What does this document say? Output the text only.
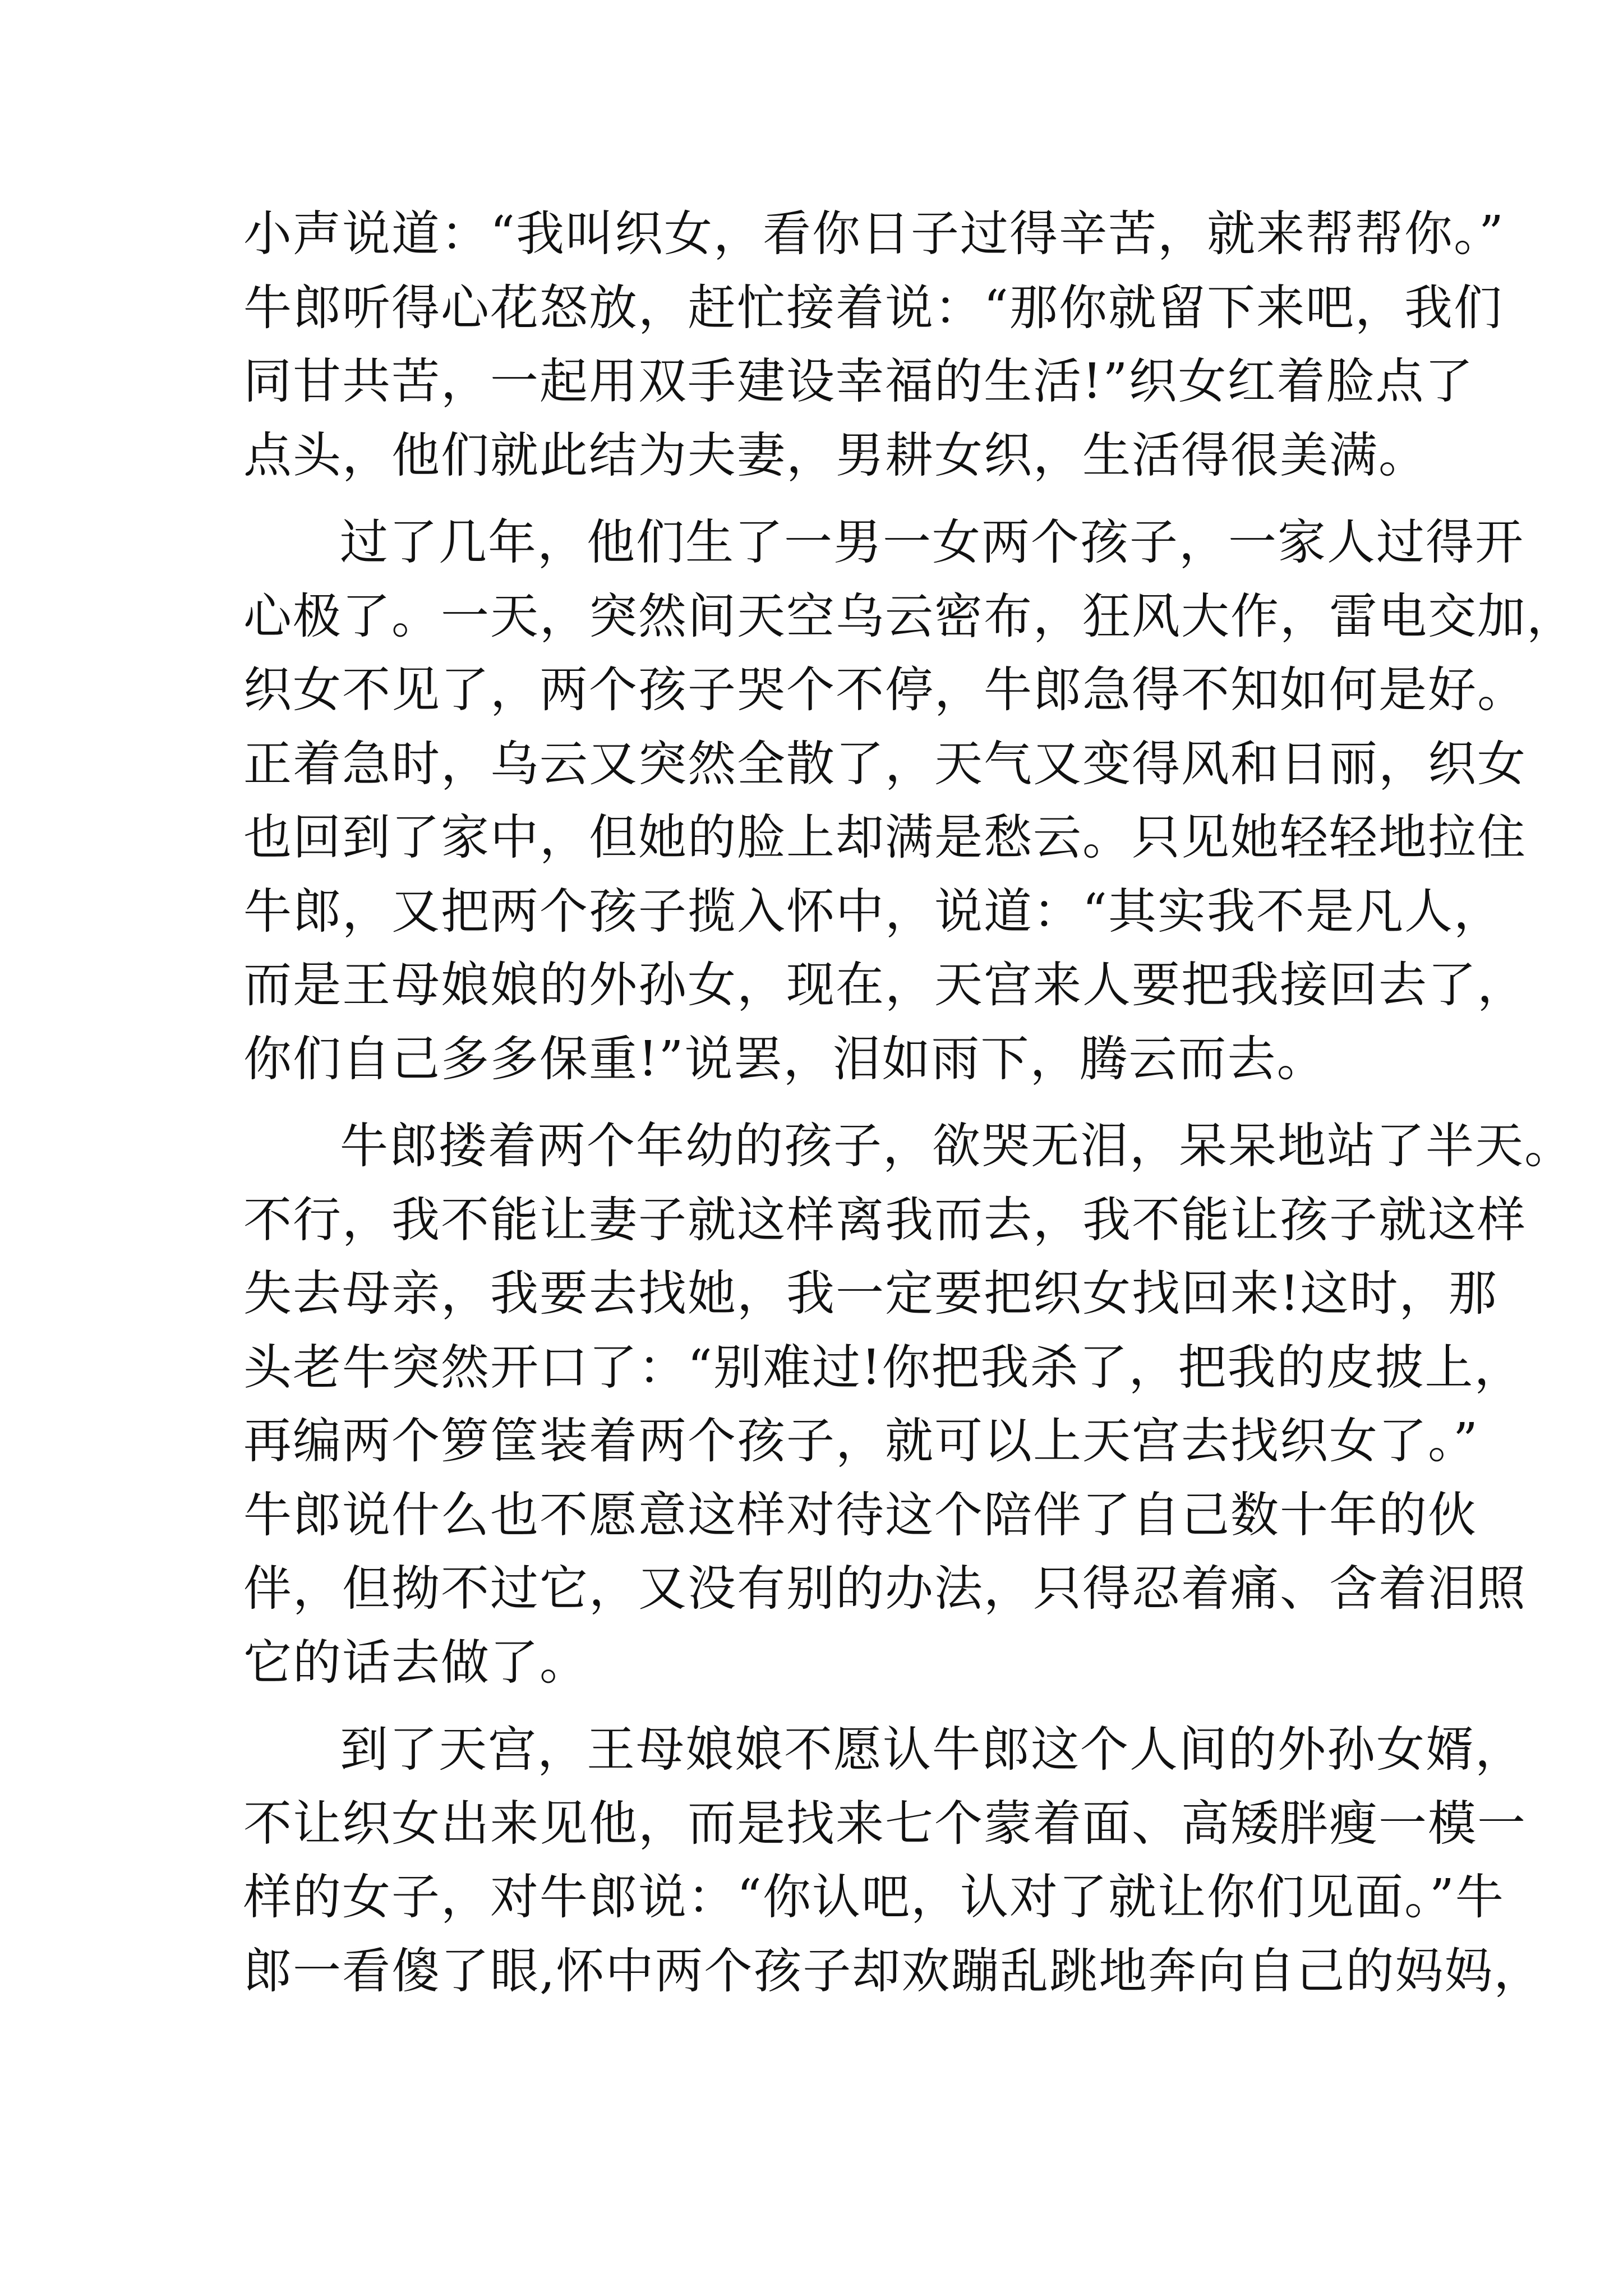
小声说道：“我叫织女，看你日子过得辛苦，就来帮帮你。”
牛郎听得心花怒放，赶忙接着说：“那你就留下来吧，我们
同甘共苦，一起用双手建设幸福的生活!”织女红着脸点了
点头，他们就此结为夫妻，男耕女织，生活得很美满。
过了几年，他们生了一男一女两个孩子，一家人过得开
心极了。一天，突然间天空乌云密布，狂风大作，雷电交加，
织女不见了，两个孩子哭个不停，牛郎急得不知如何是好。
正着急时，乌云又突然全散了，天气又变得风和日丽，织女
也回到了家中，但她的脸上却满是愁云。只见她轻轻地拉住
牛郎，又把两个孩子揽入怀中，说道：“其实我不是凡人，
而是王母娘娘的外孙女，现在，天宫来人要把我接回去了，
你们自己多多保重!”说罢，泪如雨下，腾云而去。
牛郎搂着两个年幼的孩子，欲哭无泪，呆呆地站了半天。
不行，我不能让妻子就这样离我而去，我不能让孩子就这样
失去母亲，我要去找她，我一定要把织女找回来!这时，那
头老牛突然开口了：“别难过!你把我杀了，把我的皮披上，
再编两个箩筐装着两个孩子，就可以上天宫去找织女了。”
牛郎说什么也不愿意这样对待这个陪伴了自己数十年的伙
伴，但拗不过它，又没有别的办法，只得忍着痛、含着泪照
它的话去做了。
到了天宫，王母娘娘不愿认牛郎这个人间的外孙女婿，
不让织女出来见他，而是找来七个蒙着面、高矮胖瘦一模一
样的女子，对牛郎说：“你认吧，认对了就让你们见面。”牛
郎一看傻了眼,怀中两个孩子却欢蹦乱跳地奔向自己的妈妈，
